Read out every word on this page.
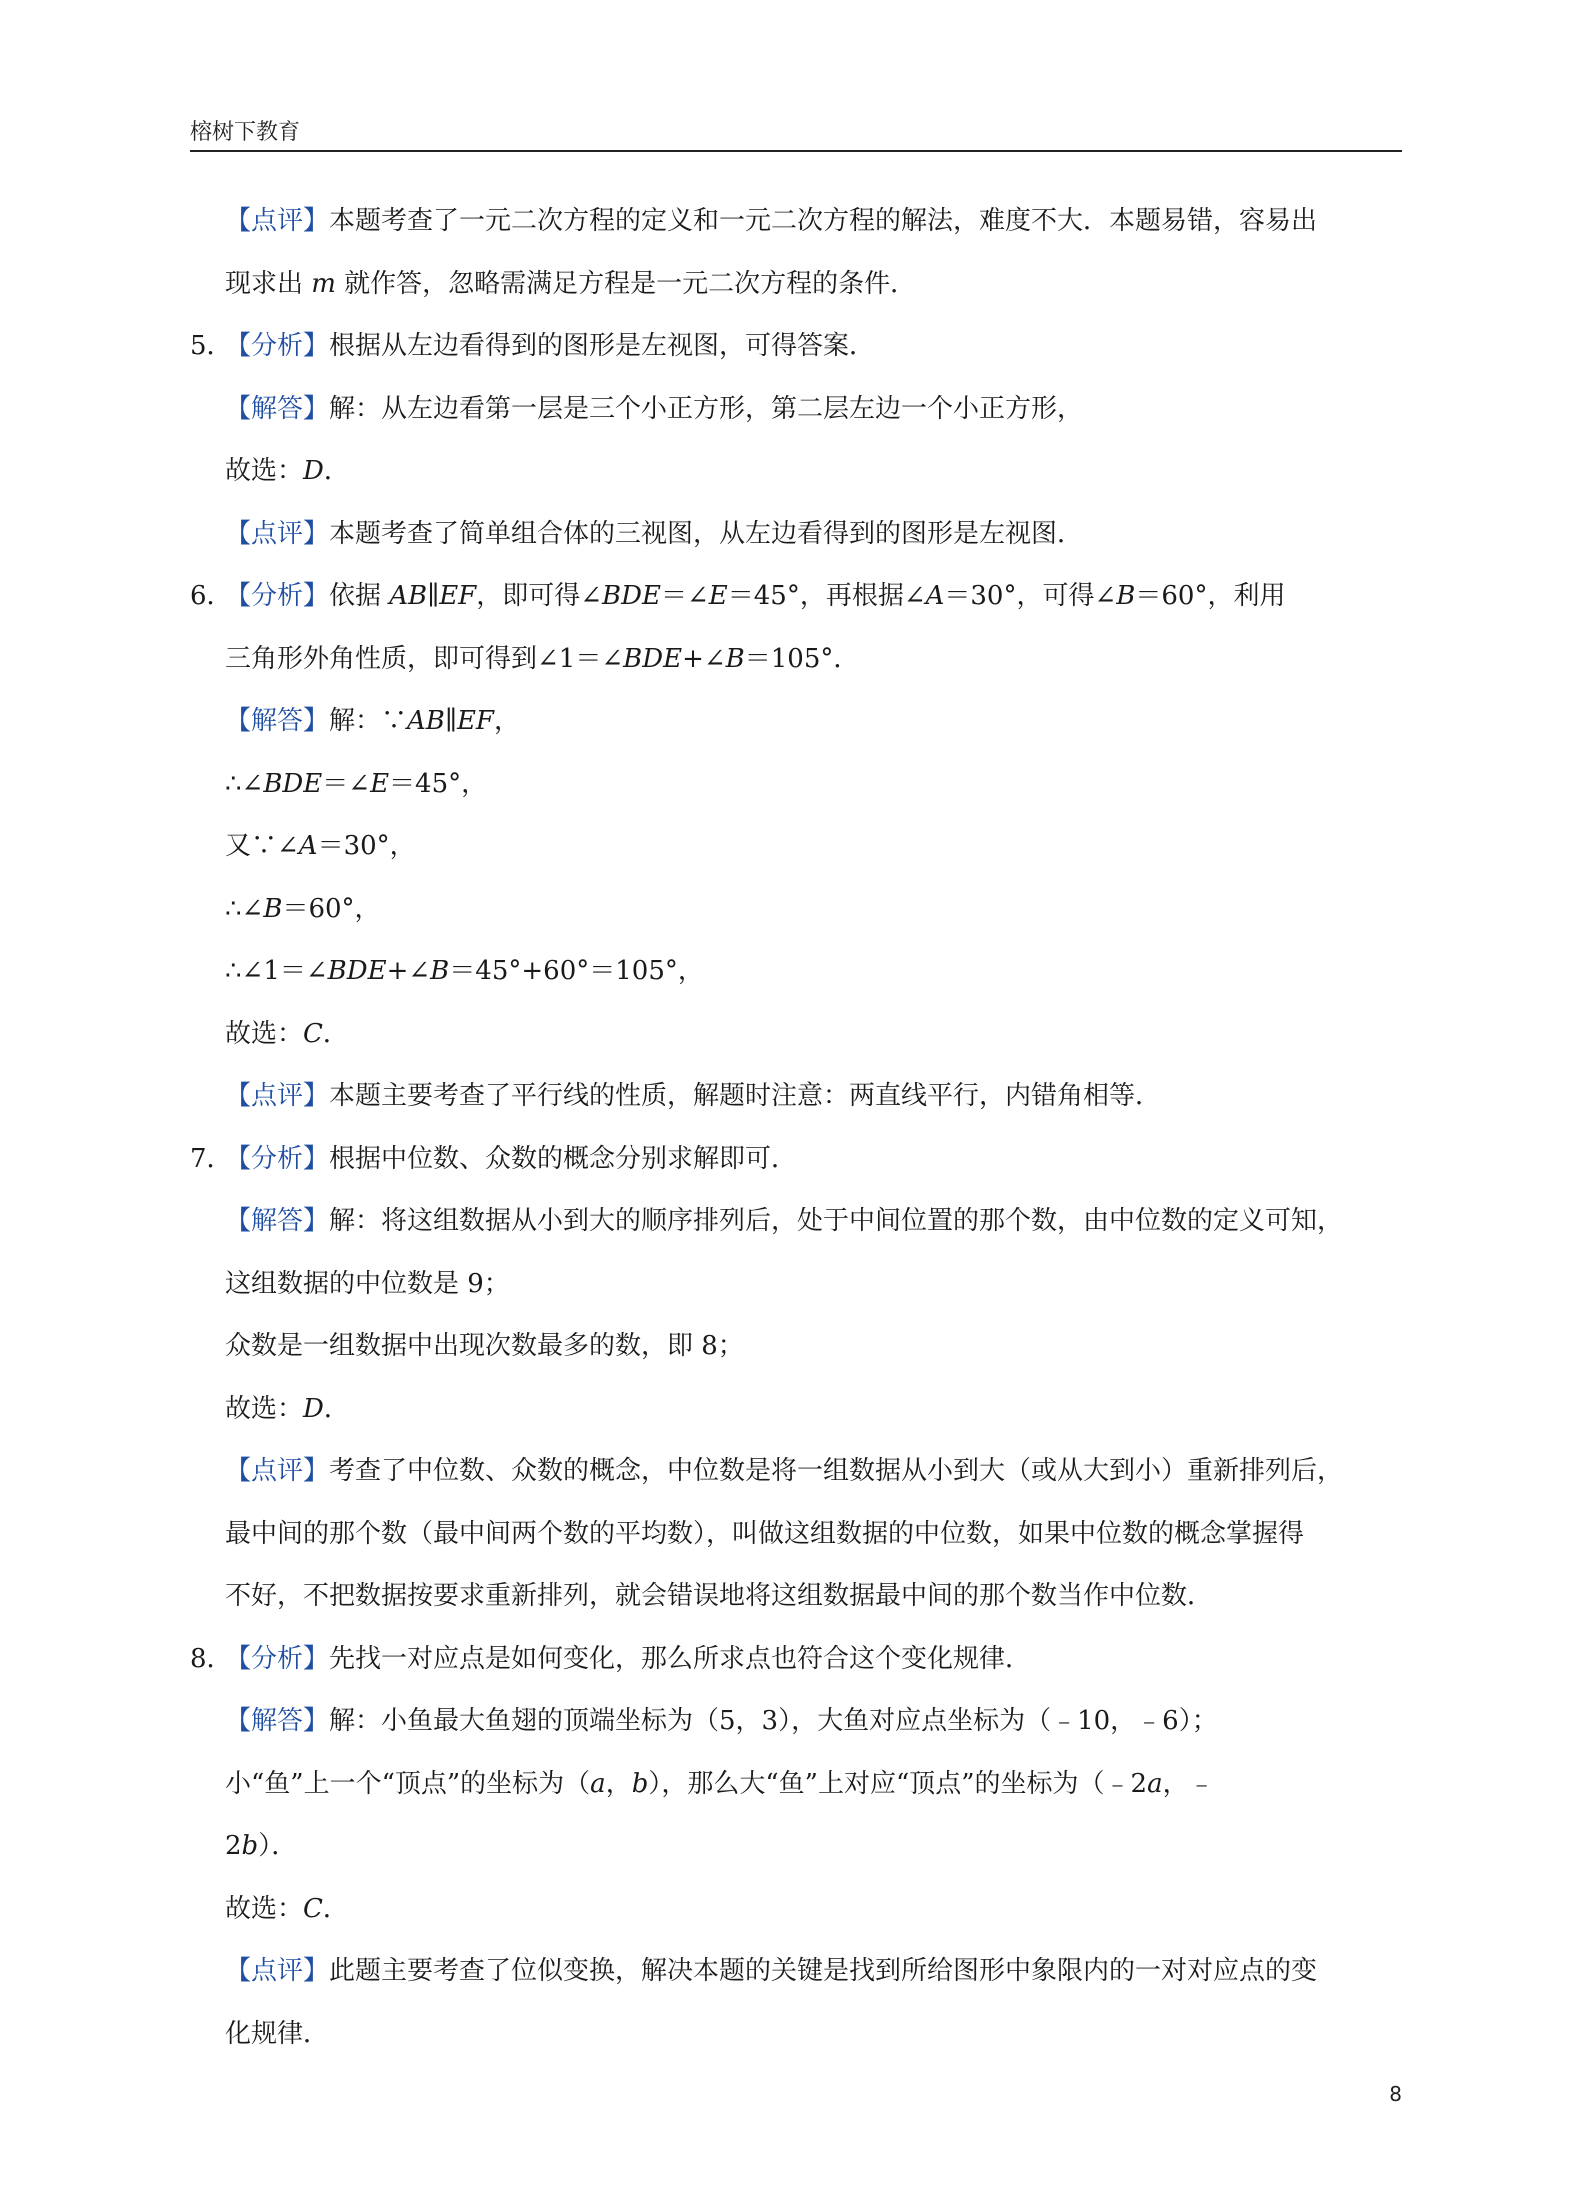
榕树下教育
【点评】本题考查了一元二次方程的定义和一元二次方程的解法，难度不大．本题易错，容易出
现求出 m 就作答，忽略需满足方程是一元二次方程的条件．
5．【分析】根据从左边看得到的图形是左视图，可得答案．
【解答】解：从左边看第一层是三个小正方形，第二层左边一个小正方形，
故选：D．
【点评】本题考查了简单组合体的三视图，从左边看得到的图形是左视图．
6．【分析】依据 AB∥EF，即可得∠BDE＝∠E＝45°，再根据∠A＝30°，可得∠B＝60°，利用
三角形外角性质，即可得到∠1＝∠BDE+∠B＝105°．
【解答】解：∵AB∥EF，
∴∠BDE＝∠E＝45°，
又∵∠A＝30°，
∴∠B＝60°，
∴∠1＝∠BDE+∠B＝45°+60°＝105°，
故选：C．
【点评】本题主要考查了平行线的性质，解题时注意：两直线平行，内错角相等．
7．【分析】根据中位数、众数的概念分别求解即可．
【解答】解：将这组数据从小到大的顺序排列后，处于中间位置的那个数，由中位数的定义可知，
这组数据的中位数是 9；
众数是一组数据中出现次数最多的数，即 8；
故选：D．
【点评】考查了中位数、众数的概念，中位数是将一组数据从小到大（或从大到小）重新排列后，
最中间的那个数（最中间两个数的平均数），叫做这组数据的中位数，如果中位数的概念掌握得
不好，不把数据按要求重新排列，就会错误地将这组数据最中间的那个数当作中位数．
8．【分析】先找一对应点是如何变化，那么所求点也符合这个变化规律．
【解答】解：小鱼最大鱼翅的顶端坐标为（5，3），大鱼对应点坐标为（﹣10，﹣6）；
小“鱼”上一个“顶点”的坐标为（a，b），那么大“鱼”上对应“顶点”的坐标为（﹣2a，﹣
2b）．
故选：C．
【点评】此题主要考查了位似变换，解决本题的关键是找到所给图形中象限内的一对对应点的变
化规律．
8
